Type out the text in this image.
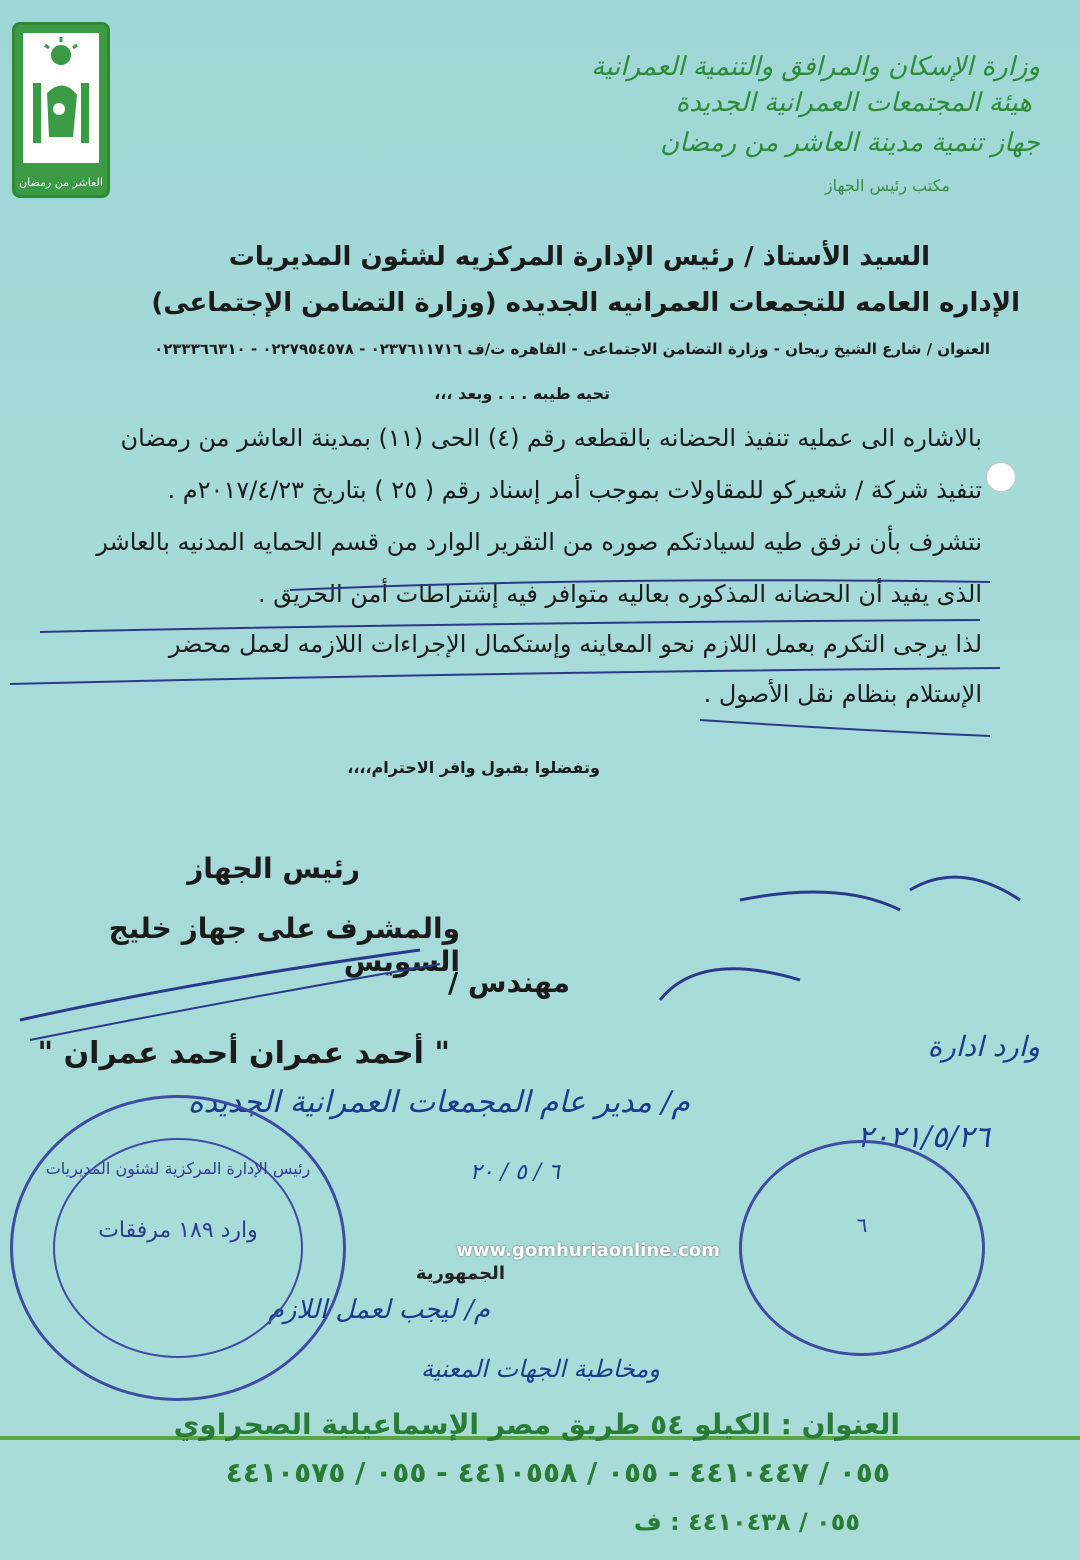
العاشر من رمضان
وزارة الإسكان والمرافق والتنمية العمرانية
هيئة المجتمعات العمرانية الجديدة
جهاز تنمية مدينة العاشر من رمضان
مكتب رئيس الجهاز
السيد الأستاذ / رئيس الإدارة المركزيه لشئون المديريات
الإداره العامه للتجمعات العمرانيه الجديده (وزارة التضامن الإجتماعى)
العنوان / شارع الشيخ ريحان - وزارة التضامن الاجتماعى - القاهره ت/ف ٠٢٣٧٦١١٧١٦ - ٠٢٢٧٩٥٤٥٧٨ - ٠٢٣٣٣٦٦٣١٠
تحيه طيبه . . . وبعد ،،،
بالاشاره الى عمليه تنفيذ الحضانه بالقطعه رقم (٤) الحى (١١) بمدينة العاشر من رمضان
تنفيذ شركة / شعيركو للمقاولات بموجب أمر إسناد رقم ( ٢٥ ) بتاريخ ٢٠١٧/٤/٢٣م .
نتشرف بأن نرفق طيه لسيادتكم صوره من التقرير الوارد من قسم الحمايه المدنيه بالعاشر
الذى يفيد أن الحضانه المذكوره بعاليه متوافر فيه إشتراطات أمن الحريق .
لذا يرجى التكرم بعمل اللازم نحو المعاينه وإستكمال الإجراءات اللازمه لعمل محضر
الإستلام بنظام نقل الأصول .
وتفضلوا بقبول وافر الاحترام،،،،
رئيس الجهاز
والمشرف على جهاز خليج السويس
مهندس /
" أحمد عمران أحمد عمران "
م/ مدير عام المجمعات العمرانية الجديدة
٦ / ٥ / ٢٠
م/ ليجب لعمل اللازم
ومخاطبة الجهات المعنية
وارد ادارة
٢٠٢١/٥/٢٦
رئيس الإدارة المركزية لشئون المديريات
وارد ١٨٩ مرفقات	٦
www.gomhuriaonline.com
الجمهورية
العنوان : الكيلو ٥٤ طريق مصر الإسماعيلية الصحراوي
٠٥٥ / ٤٤١٠٤٤٧ - ٠٥٥ / ٤٤١٠٥٥٨ - ٠٥٥ / ٤٤١٠٥٧٥
٠٥٥ / ٤٤١٠٤٣٨ : ف
